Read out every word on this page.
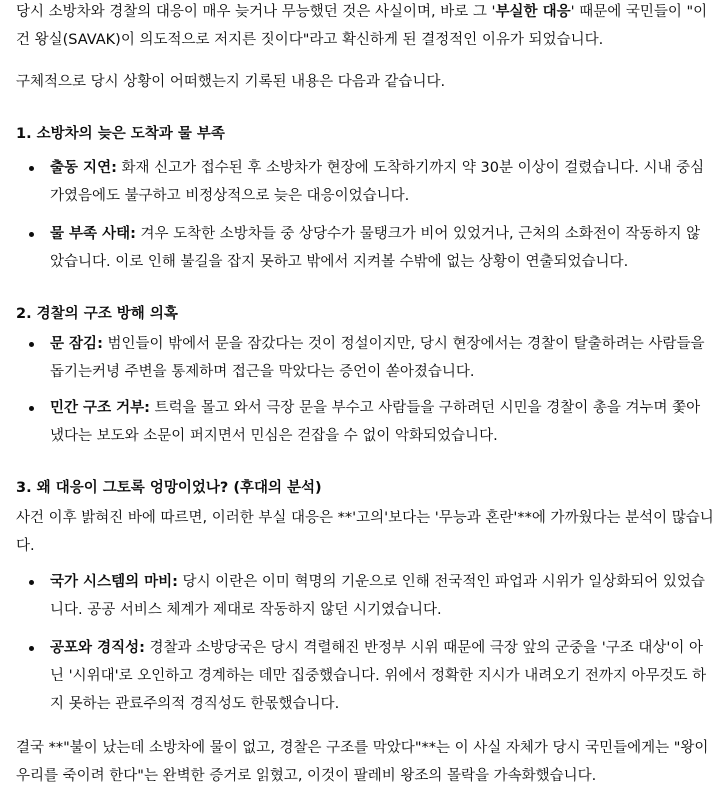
당시 소방차와 경찰의 대응이 매우 늦거나 무능했던 것은 사실이며, 바로 그 '부실한 대응' 때문에 국민들이 "이건 왕실(SAVAK)이 의도적으로 저지른 짓이다"라고 확신하게 된 결정적인 이유가 되었습니다.

구체적으로 당시 상황이 어떠했는지 기록된 내용은 다음과 같습니다.

1. 소방차의 늦은 도착과 물 부족
출동 지연: 화재 신고가 접수된 후 소방차가 현장에 도착하기까지 약 30분 이상이 걸렸습니다. 시내 중심가였음에도 불구하고 비정상적으로 늦은 대응이었습니다.
물 부족 사태: 겨우 도착한 소방차들 중 상당수가 물탱크가 비어 있었거나, 근처의 소화전이 작동하지 않았습니다. 이로 인해 불길을 잡지 못하고 밖에서 지켜볼 수밖에 없는 상황이 연출되었습니다.
2. 경찰의 구조 방해 의혹
문 잠김: 범인들이 밖에서 문을 잠갔다는 것이 정설이지만, 당시 현장에서는 경찰이 탈출하려는 사람들을 돕기는커녕 주변을 통제하며 접근을 막았다는 증언이 쏟아졌습니다.
민간 구조 거부: 트럭을 몰고 와서 극장 문을 부수고 사람들을 구하려던 시민을 경찰이 총을 겨누며 쫓아냈다는 보도와 소문이 퍼지면서 민심은 걷잡을 수 없이 악화되었습니다.
3. 왜 대응이 그토록 엉망이었나? (후대의 분석)

사건 이후 밝혀진 바에 따르면, 이러한 부실 대응은 **'고의'보다는 '무능과 혼란'**에 가까웠다는 분석이 많습니다.

국가 시스템의 마비: 당시 이란은 이미 혁명의 기운으로 인해 전국적인 파업과 시위가 일상화되어 있었습니다. 공공 서비스 체계가 제대로 작동하지 않던 시기였습니다.
공포와 경직성: 경찰과 소방당국은 당시 격렬해진 반정부 시위 때문에 극장 앞의 군중을 '구조 대상'이 아닌 '시위대'로 오인하고 경계하는 데만 집중했습니다. 위에서 정확한 지시가 내려오기 전까지 아무것도 하지 못하는 관료주의적 경직성도 한몫했습니다.

결국 **"불이 났는데 소방차에 물이 없고, 경찰은 구조를 막았다"**는 이 사실 자체가 당시 국민들에게는 "왕이 우리를 죽이려 한다"는 완벽한 증거로 읽혔고, 이것이 팔레비 왕조의 몰락을 가속화했습니다.
